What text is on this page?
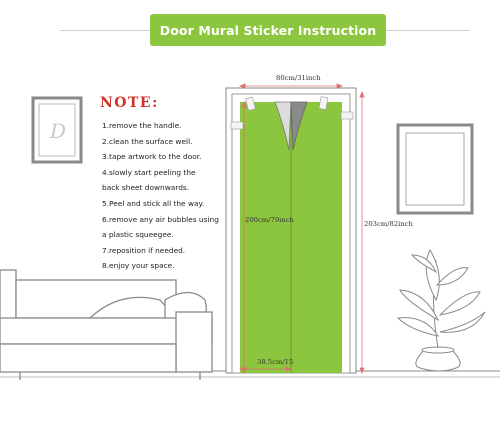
D
Door Mural Sticker Instruction
NOTE:
1.remove the handle.
2.clean the surface well.
3.tape artwork to the door.
4.slowly start peeling the
back sheet downwards.
5.Peel and stick all the way.
6.remove any air bubbles using
a plastic squeegee.
7.reposition if needed.
8.enjoy your space.
80cm/31inch
200cm/79inch	203cm/82inch
38.5cm/15
